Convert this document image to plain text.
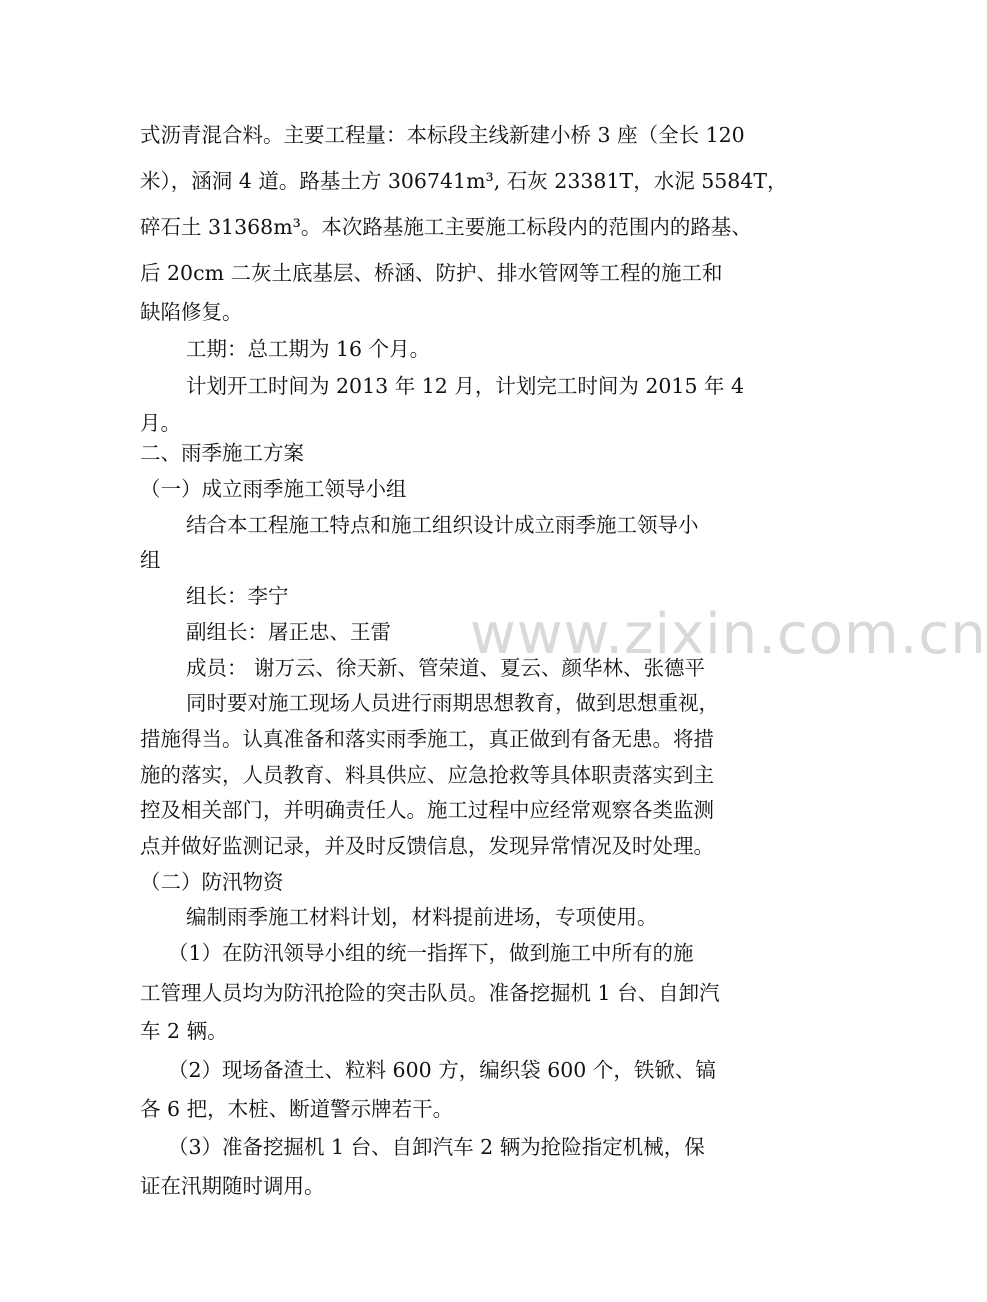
式沥青混合料。主要工程量：本标段主线新建小桥 3 座（全长 120
米），涵洞 4 道。路基土方 306741m³, 石灰 23381T，水泥 5584T，
碎石土 31368m³。本次路基施工主要施工标段内的范围内的路基、
后 20cm 二灰土底基层、桥涵、防护、排水管网等工程的施工和
缺陷修复。
工期：总工期为 16 个月。
计划开工时间为 2013 年 12 月，计划完工时间为 2015 年 4
月。
二、雨季施工方案
（一）成立雨季施工领导小组
结合本工程施工特点和施工组织设计成立雨季施工领导小
组
组长：李宁
副组长：屠正忠、王雷
成员： 谢万云、徐天新、管荣道、夏云、颜华林、张德平
同时要对施工现场人员进行雨期思想教育，做到思想重视，
措施得当。认真准备和落实雨季施工，真正做到有备无患。将措
施的落实，人员教育、料具供应、应急抢救等具体职责落实到主
控及相关部门，并明确责任人。施工过程中应经常观察各类监测
点并做好监测记录，并及时反馈信息，发现异常情况及时处理。
（二）防汛物资
编制雨季施工材料计划，材料提前进场，专项使用。
（1）在防汛领导小组的统一指挥下，做到施工中所有的施
工管理人员均为防汛抢险的突击队员。准备挖掘机 1 台、自卸汽
车 2 辆。
（2）现场备渣土、粒料 600 方，编织袋 600 个，铁锨、镐
各 6 把，木桩、断道警示牌若干。
（3）准备挖掘机 1 台、自卸汽车 2 辆为抢险指定机械，保
证在汛期随时调用。
www.zixin.com.cn
